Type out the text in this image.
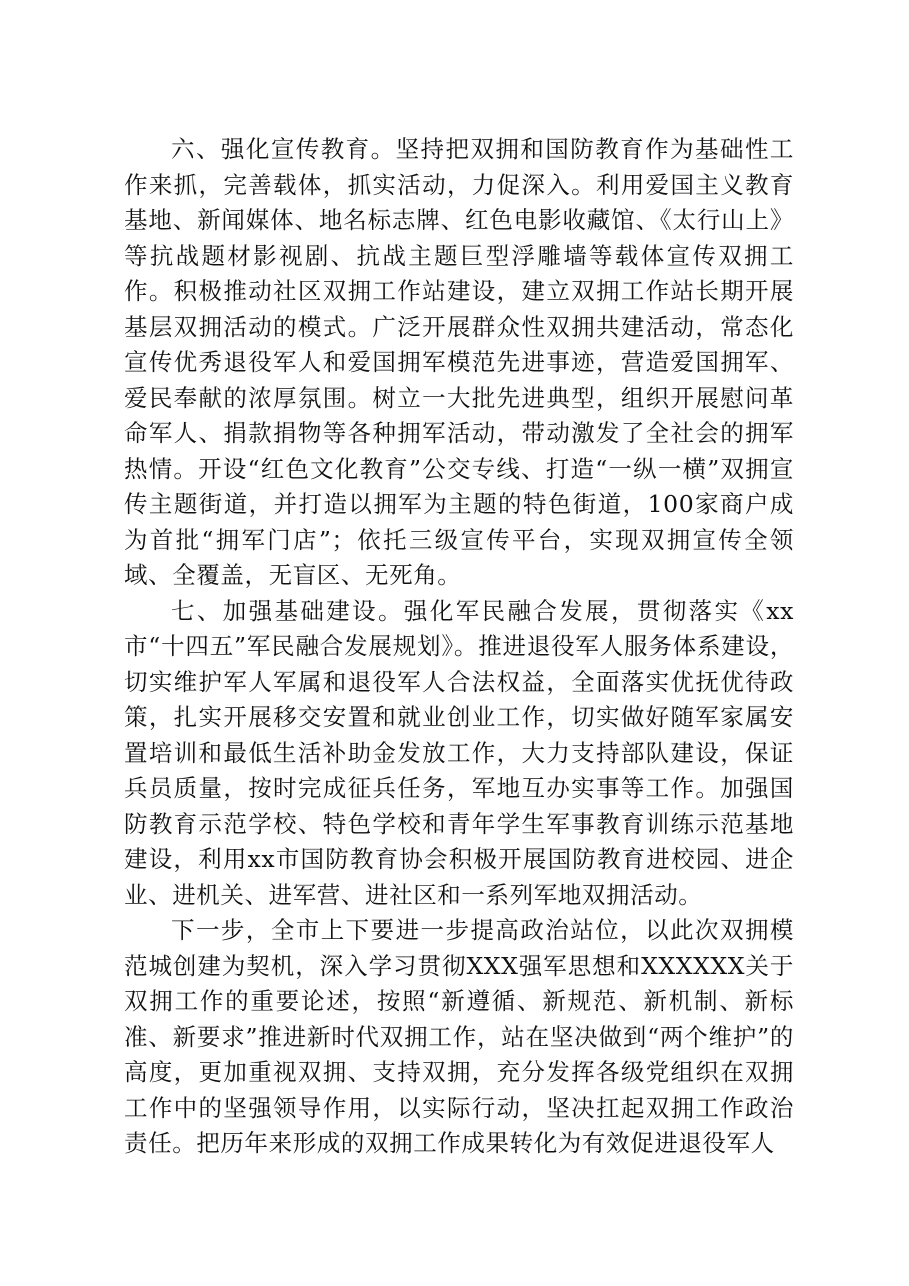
六、强化宣传教育。坚持把双拥和国防教育作为基础性工作来抓，完善载体，抓实活动，力促深入。利用爱国主义教育基地、新闻媒体、地名标志牌、红色电影收藏馆、《太行山上》等抗战题材影视剧、抗战主题巨型浮雕墙等载体宣传双拥工作。积极推动社区双拥工作站建设，建立双拥工作站长期开展基层双拥活动的模式。广泛开展群众性双拥共建活动，常态化宣传优秀退役军人和爱国拥军模范先进事迹，营造爱国拥军、爱民奉献的浓厚氛围。树立一大批先进典型，组织开展慰问革命军人、捐款捐物等各种拥军活动，带动激发了全社会的拥军热情。开设“红色文化教育”公交专线、打造“一纵一横”双拥宣传主题街道，并打造以拥军为主题的特色街道，100家商户成为首批“拥军门店”；依托三级宣传平台，实现双拥宣传全领域、全覆盖，无盲区、无死角。

七、加强基础建设。强化军民融合发展，贯彻落实《xx市“十四五”军民融合发展规划》。推进退役军人服务体系建设，切实维护军人军属和退役军人合法权益，全面落实优抚优待政策，扎实开展移交安置和就业创业工作，切实做好随军家属安置培训和最低生活补助金发放工作，大力支持部队建设，保证兵员质量，按时完成征兵任务，军地互办实事等工作。加强国防教育示范学校、特色学校和青年学生军事教育训练示范基地建设，利用xx市国防教育协会积极开展国防教育进校园、进企业、进机关、进军营、进社区和一系列军地双拥活动。

下一步，全市上下要进一步提高政治站位，以此次双拥模范城创建为契机，深入学习贯彻XXX强军思想和XXXXXX关于双拥工作的重要论述，按照“新遵循、新规范、新机制、新标准、新要求”推进新时代双拥工作，站在坚决做到“两个维护”的高度，更加重视双拥、支持双拥，充分发挥各级党组织在双拥工作中的坚强领导作用，以实际行动，坚决扛起双拥工作政治责任。把历年来形成的双拥工作成果转化为有效促进退役军人
